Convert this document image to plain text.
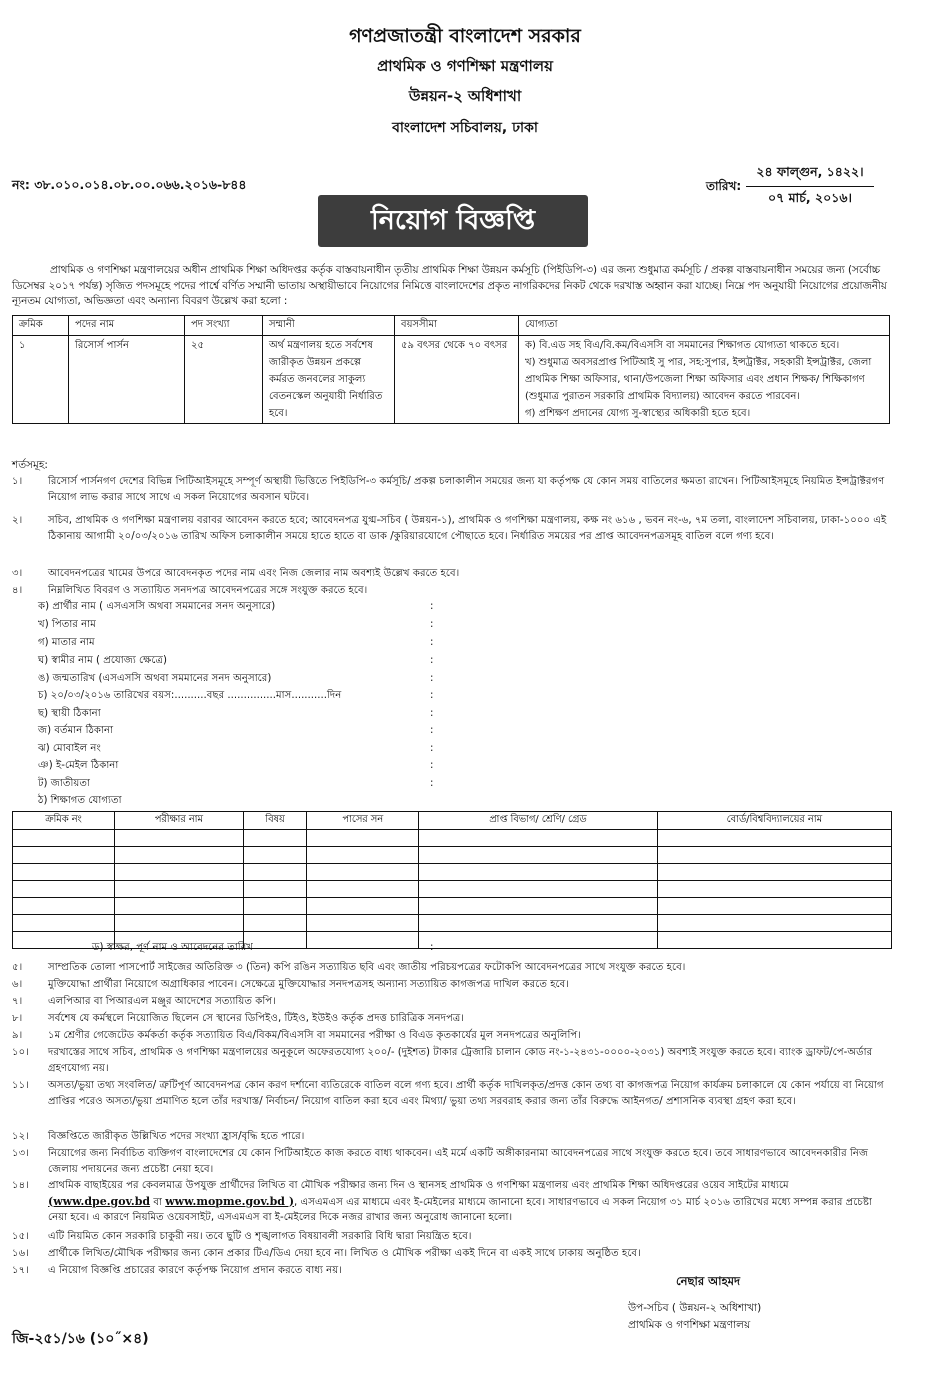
গণপ্রজাতন্ত্রী বাংলাদেশ সরকার
প্রাথমিক ও গণশিক্ষা মন্ত্রণালয়
উন্নয়ন-২ অধিশাখা
বাংলাদেশ সচিবালয়, ঢাকা
নং: ৩৮.০১০.০১৪.০৮.০০.০৬৬.২০১৬-৮৪৪	তারিখ:
২৪ ফাল্গুন, ১৪২২।
০৭ মার্চ, ২০১৬।
নিয়োগ বিজ্ঞপ্তি
প্রাথমিক ও গণশিক্ষা মন্ত্রণালয়ের অধীন প্রাথমিক শিক্ষা অধিদপ্তর কর্তৃক বাস্তবায়নাধীন তৃতীয় প্রাথমিক শিক্ষা উন্নয়ন কর্মসূচি (পিইডিপি-৩) এর জন্য শুধুমাত্র কর্মসূচি / প্রকল্প বাস্তবায়নাধীন সময়ের জন্য (সর্বোচ্চ ডিসেম্বর ২০১৭ পর্যন্ত) সৃজিত পদসমূহে পদের পার্শ্বে বর্ণিত সম্মানী ভাতায় অস্থায়ীভাবে নিয়োগের নিমিত্তে বাংলাদেশের প্রকৃত নাগরিকদের নিকট থেকে দরখাস্ত অহ্বান করা যাচ্ছে। নিম্নে পদ অনুযায়ী নিয়োগের প্রয়োজনীয় ন্যূনতম যোগ্যতা, অভিজ্ঞতা এবং অন্যান্য বিবরণ উল্লেখ করা হলো :
ক্রমিক	পদের নাম	পদ সংখ্যা	সম্মানী	বয়সসীমা	যোগ্যতা
১	রিসোর্স পার্সন	২৫	অর্থ মন্ত্রণালয় হতে সর্বশেষ জারীকৃত উন্নয়ন প্রকল্পে কর্মরত জনবলের সাকুল্য বেতনস্কেল অনুযায়ী নির্ধারিত হবে।	৫৯ বৎসর থেকে ৭০ বৎসর	ক) বি.এড সহ বিএ/বি.কম/বিএসসি বা সমমানের শিক্ষাগত যোগ্যতা থাকতে হবে।
খ) শুধুমাত্র অবসরপ্রাপ্ত পিটিআই সু পার, সহ:সুপার, ইন্সট্রাক্টর, সহকারী ইন্সট্রাক্টর, জেলা প্রাথমিক শিক্ষা অফিসার, থানা/উপজেলা শিক্ষা অফিসার এবং প্রধান শিক্ষক/ শিক্ষিকাগণ (শুধুমাত্র পুরাতন সরকারি প্রাথমিক বিদ্যালয়) আবেদন করতে পারবেন।
গ) প্রশিক্ষণ প্রদানের যোগ্য সু-স্বাস্থ্যের অধিকারী হতে হবে।
শর্তসমূহ:
১।	রিসোর্স পার্সনগণ দেশের বিভিন্ন পিটিআইসমূহে সম্পূর্ণ অস্থায়ী ভিত্তিতে পিইডিপি-৩ কর্মসূচি/ প্রকল্প চলাকালীন সময়ের জন্য যা কর্তৃপক্ষ যে কোন সময় বাতিলের ক্ষমতা রাখেন। পিটিআইসমূহে নিয়মিত ইন্সট্রাক্টরগণ নিয়োগ লাভ করার সাথে সাথে এ সকল নিয়োগের অবসান ঘটবে।
২।	সচিব, প্রাথমিক ও গণশিক্ষা মন্ত্রণালয় বরাবর আবেদন করতে হবে; আবেদনপত্র যুগ্ম-সচিব ( উন্নয়ন-১), প্রাথমিক ও গণশিক্ষা মন্ত্রণালয়, কক্ষ নং ৬১৬ , ভবন নং-৬, ৭ম তলা, বাংলাদেশ সচিবালয়, ঢাকা-১০০০ এই ঠিকানায় আগামী ২০/০৩/২০১৬ তারিখ অফিস চলাকালীন সময়ে হাতে হাতে বা ডাক /কুরিয়ারযোগে পৌছাতে হবে। নির্ধারিত সময়ের পর প্রাপ্ত আবেদনপত্রসমূহ বাতিল বলে গণ্য হবে।
৩।	আবেদনপত্রের খামের উপরে আবেদনকৃত পদের নাম এবং নিজ জেলার নাম অবশ্যই উল্লেখ করতে হবে।
৪।	নিম্নলিখিত বিবরণ ও সত্যায়িত সনদপত্র আবেদনপত্রের সঙ্গে সংযুক্ত করতে হবে।
ক) প্রার্থীর নাম ( এসএসসি অথবা সমমানের সনদ অনুসারে)	:
খ) পিতার নাম	:
গ) মাতার নাম	:
ঘ) স্বামীর নাম ( প্রযোজ্য ক্ষেত্রে)	:
ঙ) জন্মতারিখ (এসএসসি অথবা সমমানের সনদ অনুসারে)	:
চ) ২০/০৩/২০১৬ তারিখের বয়স:..........বছর ...............মাস...........দিন	:
ছ) স্থায়ী ঠিকানা	:
জ) বর্তমান ঠিকানা	:
ঝ) মোবাইল নং	:
ঞ) ই-মেইল ঠিকানা	:
ট) জাতীয়তা	:
ঠ) শিক্ষাগত যোগ্যতা
ক্রমিক নং	পরীক্ষার নাম	বিষয়	পাসের সন	প্রাপ্ত বিভাগ/ শ্রেণি/ গ্রেড	বোর্ড/বিশ্ববিদ্যালয়ের নাম

ড) স্বাক্ষর, পূর্ণ নাম ও আবেদনের তারিখ	:
৫।	সাম্প্রতিক তোলা পাসপোর্ট সাইজের অতিরিক্ত ৩ (তিন) কপি রঙিন সত্যায়িত ছবি এবং জাতীয় পরিচয়পত্রের ফটোকপি আবেদনপত্রের সাথে সংযুক্ত করতে হবে।
৬।	মুক্তিযোদ্ধা প্রার্থীরা নিয়োগে অগ্রাধিকার পাবেন। সেক্ষেত্রে মুক্তিযোদ্ধার সনদপত্রসহ অন্যান্য সত্যায়িত কাগজপত্র দাখিল করতে হবে।
৭।	এলপিআর বা পিআরএল মঞ্জুর আদেশের সত্যায়িত কপি।
৮।	সর্বশেষ যে কর্মস্থলে নিয়োজিত ছিলেন সে স্থানের ডিপিইও, টিইও, ইউইও কর্তৃক প্রদত্ত চারিত্রিক সনদপত্র।
৯।	১ম শ্রেণীর গেজেটেড কর্মকর্তা কর্তৃক সত্যায়িত বিএ/বিকম/বিএসসি বা সমমানের পরীক্ষা ও বিএড কৃতকার্যের মুল সনদপত্রের অনুলিপি।
১০।	দরখাস্তের সাথে সচিব, প্রাথমিক ও গণশিক্ষা মন্ত্রণালয়ের অনুকূলে অফেরতযোগ্য ২০০/- (দুইশত) টাকার ট্রেজারি চালান কোড নং-১-২৪৩১-০০০০-২০৩১) অবশ্যই সংযুক্ত করতে হবে। ব্যাংক ড্রাফট/পে-অর্ডার গ্রহণযোগ্য নয়।
১১।	অসত্য/ভুয়া তথ্য সংবলিত/ ত্রুটিপূর্ণ আবেদনপত্র কোন করণ দর্শানো ব্যতিরেকে বাতিল বলে গণ্য হবে। প্রার্থী কর্তৃক দাখিলকৃত/প্রদত্ত কোন তথ্য বা কাগজপত্র নিয়োগ কার্যক্রম চলাকালে যে কোন পর্যায়ে বা নিয়োগ প্রাপ্তির পরেও অসত্য/ভুয়া প্রমাণিত হলে তাঁর দরখাস্ত/ নির্বাচন/ নিয়োগ বাতিল করা হবে এবং মিথ্যা/ ভুয়া তথ্য সরবরাহ করার জন্য তাঁর বিরুদ্ধে আইনগত/ প্রশাসনিক ব্যবস্থা গ্রহণ করা হবে।
১২।	বিজ্ঞপ্তিতে জারীকৃত উল্লিখিত পদের সংখ্যা হ্রাস/বৃদ্ধি হতে পারে।
১৩।	নিয়োগের জন্য নির্বাচিত ব্যক্তিগণ বাংলাদেশের যে কোন পিটিআইতে কাজ করতে বাধ্য থাকবেন। এই মর্মে একটি অঙ্গীকারনামা আবেদনপত্রের সাথে সংযুক্ত করতে হবে। তবে সাধারণভাবে আবেদনকারীর নিজ জেলায় পদায়নের জন্য প্রচেষ্টা নেয়া হবে।
১৪।	প্রাথমিক বাছাইয়ের পর কেবলমাত্র উপযুক্ত প্রার্থীদের লিখিত বা মৌখিক পরীক্ষার জন্য দিন ও স্থানসহ প্রাথমিক ও গণশিক্ষা মন্ত্রণালয় এবং প্রাথমিক শিক্ষা অধিদপ্তরের ওয়েব সাইটের মাধ্যমে (www.dpe.gov.bd বা www.mopme.gov.bd ), এসএমএস এর মাধ্যমে এবং ই-মেইলের মাধ্যমে জানানো হবে। সাধারণভাবে এ সকল নিয়োগ ৩১ মার্চ ২০১৬ তারিখের মধ্যে সম্পন্ন করার প্রচেষ্টা নেয়া হবে। এ কারণে নিয়মিত ওয়েবসাইট, এসএমএস বা ই-মেইলের দিকে নজর রাখার জন্য অনুরোধ জানানো হলো।
১৫।	এটি নিয়মিত কোন সরকারি চাকুরী নয়। তবে ছুটি ও শৃঙ্খলাগত বিষয়াবলী সরকারি বিধি দ্বারা নিয়ন্ত্রিত হবে।
১৬।	প্রার্থীকে লিখিত/মৌখিক পরীক্ষার জন্য কোন প্রকার টিএ/ডিএ দেয়া হবে না। লিখিত ও মৌখিক পরীক্ষা একই দিনে বা একই সাথে ঢাকায় অনুষ্ঠিত হবে।
১৭।	এ নিয়োগ বিজ্ঞপ্তি প্রচারের কারণে কর্তৃপক্ষ নিয়োগ প্রদান করতে বাধ্য নয়।
নেছার আহমদ
উপ-সচিব ( উন্নয়ন-২ অধিশাখা)
প্রাথমিক ও গণশিক্ষা মন্ত্রণালয়
জি-২৫১/১৬ (১০˝×৪)
